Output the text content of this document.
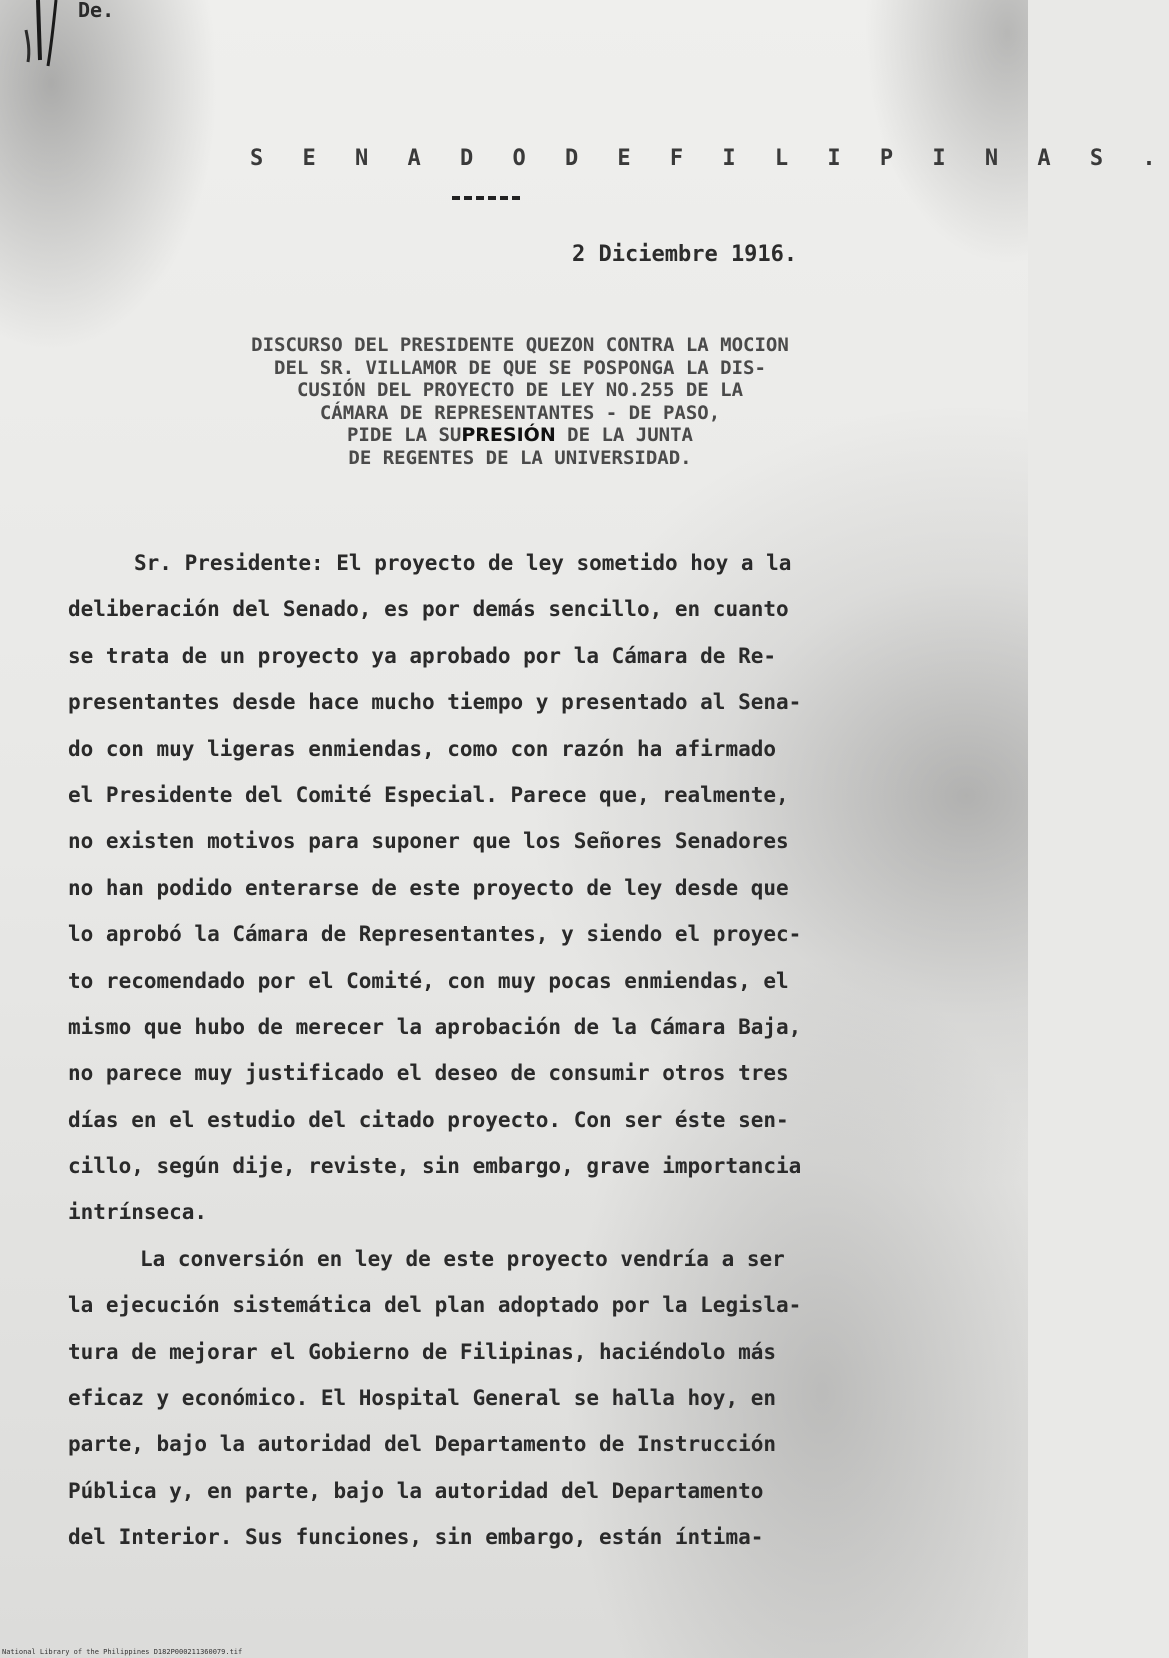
De.
S E N A D O D E F I L I P I N A S .
2 Diciembre 1916.
DISCURSO DEL PRESIDENTE QUEZON CONTRA LA MOCION
DEL SR. VILLAMOR DE QUE SE POSPONGA LA DIS-
CUSIÓN DEL PROYECTO DE LEY NO.255 DE LA
CÁMARA DE REPRESENTANTES - DE PASO,
PIDE LA SUPRESIÓN DE LA JUNTA
DE REGENTES DE LA UNIVERSIDAD.
Sr. Presidente: El proyecto de ley sometido hoy a la
deliberación del Senado, es por demás sencillo, en cuanto
se trata de un proyecto ya aprobado por la Cámara de Re-
presentantes desde hace mucho tiempo y presentado al Sena-
do con muy ligeras enmiendas, como con razón ha afirmado
el Presidente del Comité Especial. Parece que, realmente,
no existen motivos para suponer que los Señores Senadores
no han podido enterarse de este proyecto de ley desde que
lo aprobó la Cámara de Representantes, y siendo el proyec-
to recomendado por el Comité, con muy pocas enmiendas, el
mismo que hubo de merecer la aprobación de la Cámara Baja,
no parece muy justificado el deseo de consumir otros tres
días en el estudio del citado proyecto. Con ser éste sen-
cillo, según dije, reviste, sin embargo, grave importancia
intrínseca.
La conversión en ley de este proyecto vendría a ser
la ejecución sistemática del plan adoptado por la Legisla-
tura de mejorar el Gobierno de Filipinas, haciéndolo más
eficaz y económico. El Hospital General se halla hoy, en
parte, bajo la autoridad del Departamento de Instrucción
Pública y, en parte, bajo la autoridad del Departamento
del Interior. Sus funciones, sin embargo, están íntima-
National Library of the Philippines D182P000211360079.tif
